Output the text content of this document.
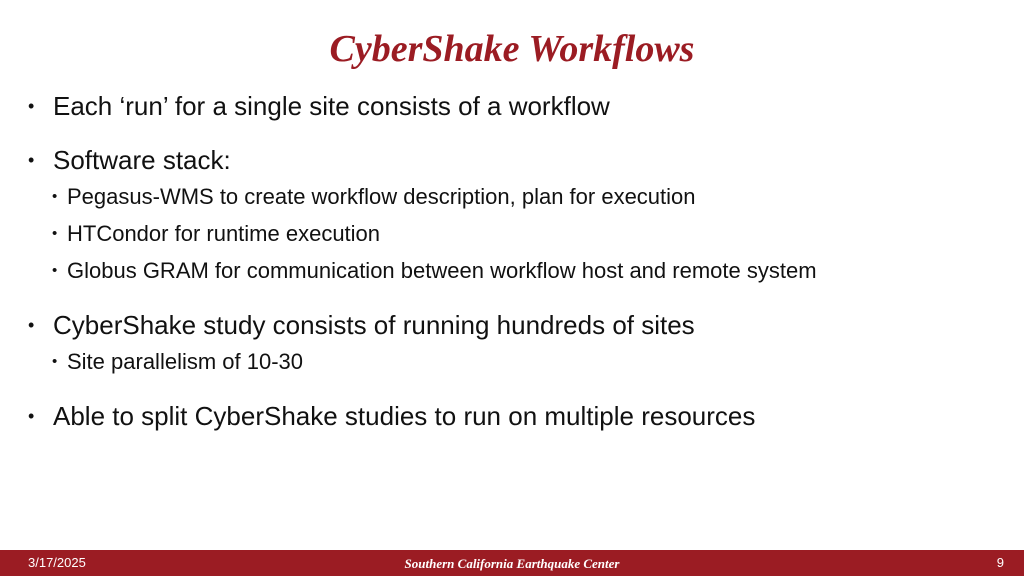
CyberShake Workflows
• Each ‘run’ for a single site consists of a workflow
• Software stack:
• Pegasus-WMS to create workflow description, plan for execution
• HTCondor for runtime execution
• Globus GRAM for communication between workflow host and remote system
• CyberShake study consists of running hundreds of sites
• Site parallelism of 10-30
• Able to split CyberShake studies to run on multiple resources
3/17/2025	Southern California Earthquake Center	9
